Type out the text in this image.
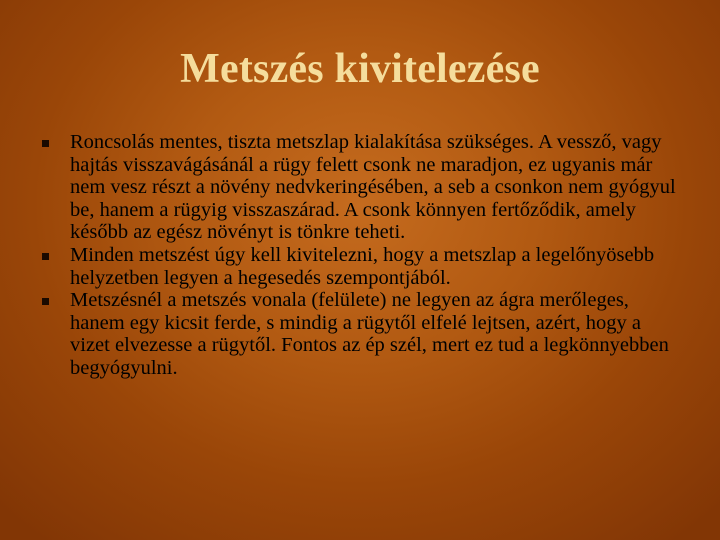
Metszés kivitelezése
Roncsolás mentes, tiszta metszlap kialakítása szükséges. A vessző, vagy hajtás visszavágásánál a rügy felett csonk ne maradjon, ez ugyanis már nem vesz részt a növény nedvkeringésében, a seb a csonkon nem gyógyul be, hanem a rügyig visszaszárad. A csonk könnyen fertőződik, amely később az egész növényt is tönkre teheti.
Minden metszést úgy kell kivitelezni, hogy a metszlap a legelőnyösebb helyzetben legyen a hegesedés szempontjából.
Metszésnél a metszés vonala (felülete) ne legyen az ágra merőleges, hanem egy kicsit ferde, s mindig a rügytől elfelé lejtsen, azért, hogy a vizet elvezesse a rügytől. Fontos az ép szél, mert ez tud a legkönnyebben begyógyulni.
